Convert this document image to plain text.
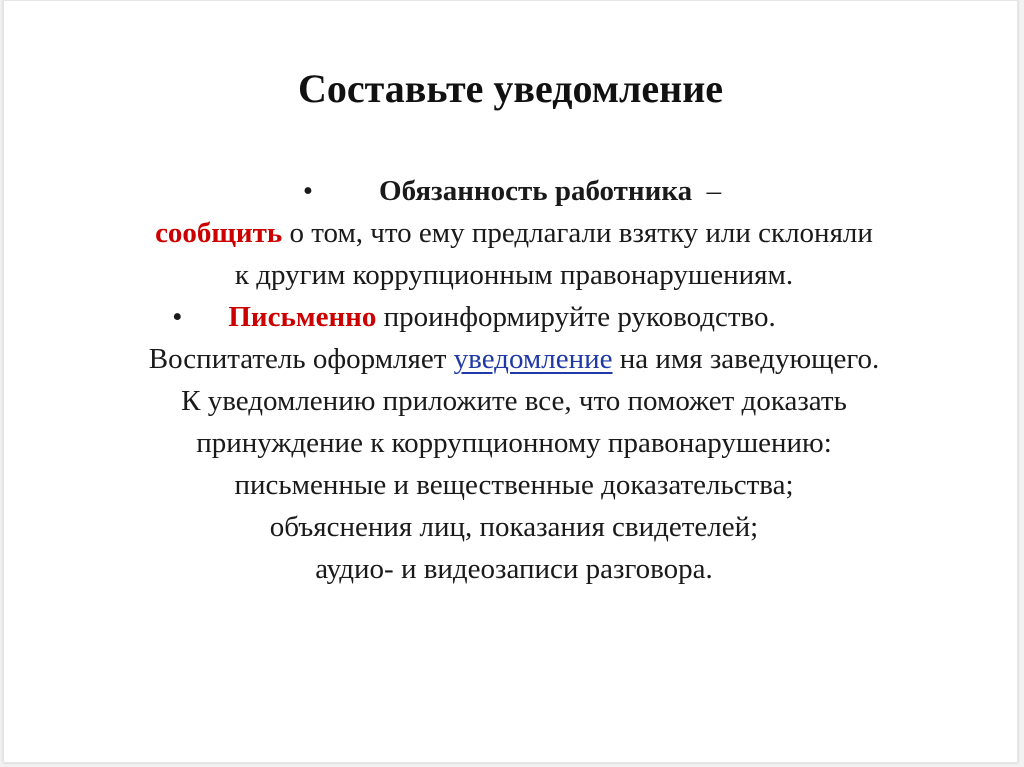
Составьте уведомление
• Обязанность работника –
сообщить о том, что ему предлагали взятку или склоняли
к другим коррупционным правонарушениям.
• Письменно проинформируйте руководство.
Воспитатель оформляет уведомление на имя заведующего.
К уведомлению приложите все, что поможет доказать
принуждение к коррупционному правонарушению:
письменные и вещественные доказательства;
объяснения лиц, показания свидетелей;
аудио- и видеозаписи разговора.
